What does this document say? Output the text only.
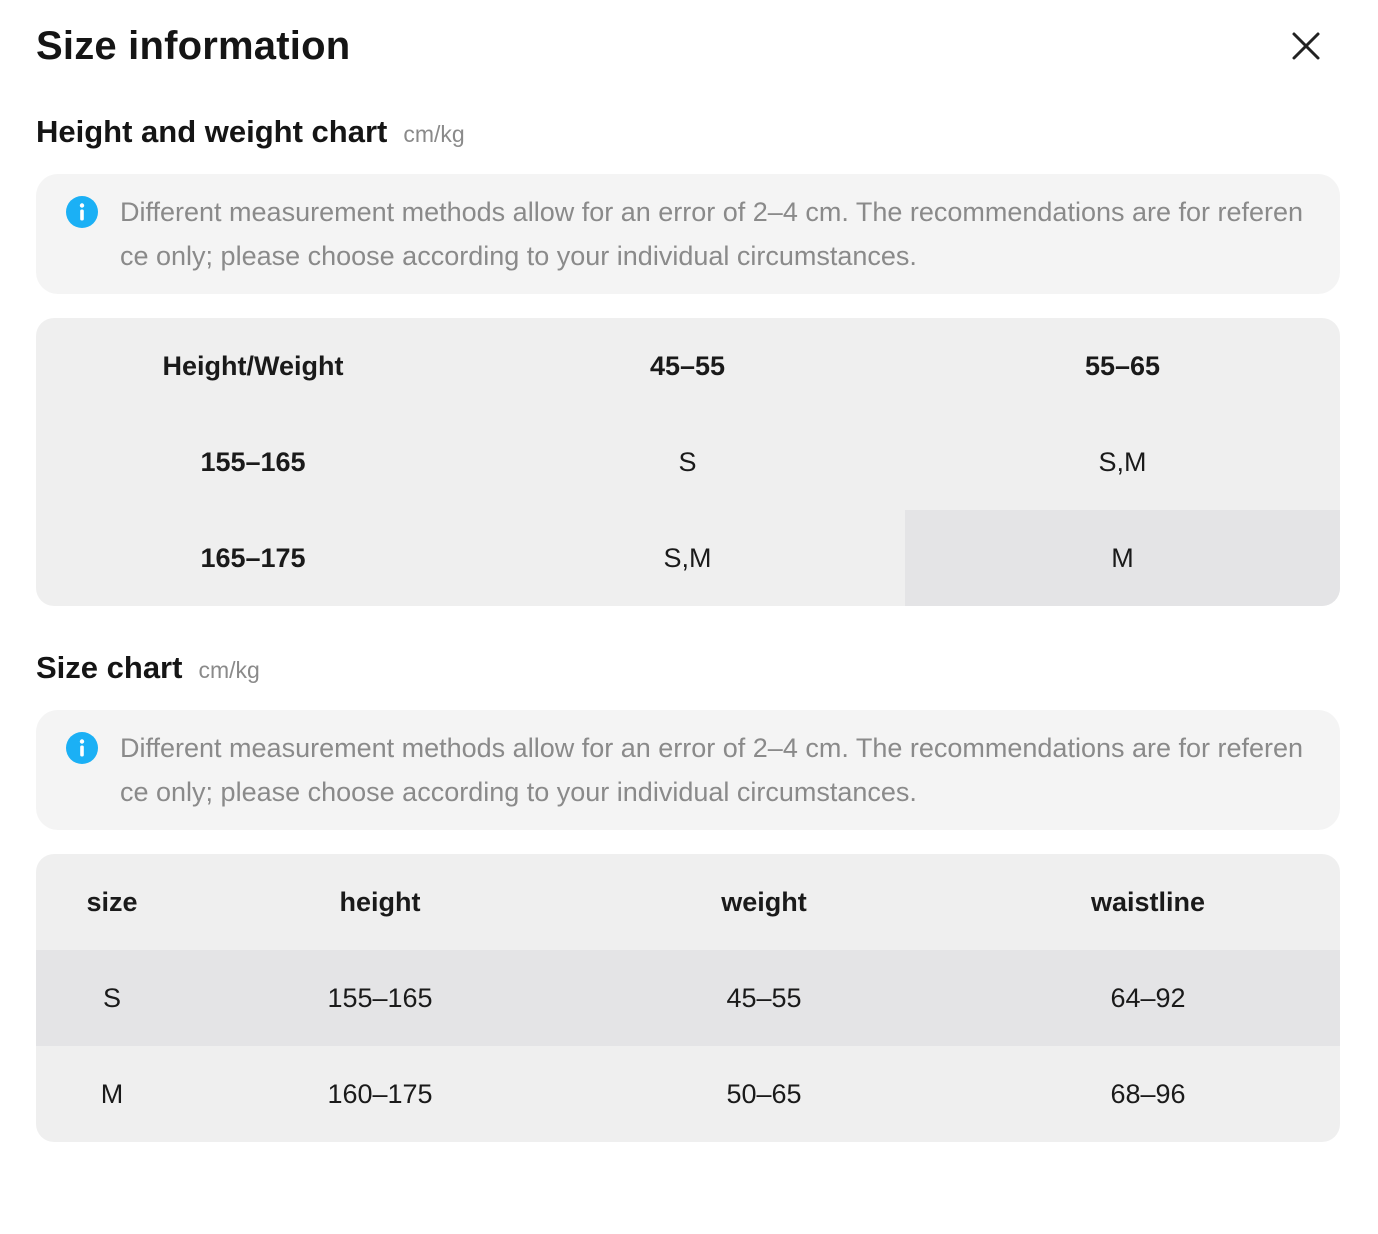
Size information
Height and weight chart cm/kg
Different measurement methods allow for an error of 2–4 cm. The recommendations are for reference only; please choose according to your individual circumstances.
Height/Weight	45–55	55–65
155–165	S	S,M
165–175	S,M	M
Size chart cm/kg
Different measurement methods allow for an error of 2–4 cm. The recommendations are for reference only; please choose according to your individual circumstances.
size	height	weight	waistline
S	155–165	45–55	64–92
M	160–175	50–65	68–96
